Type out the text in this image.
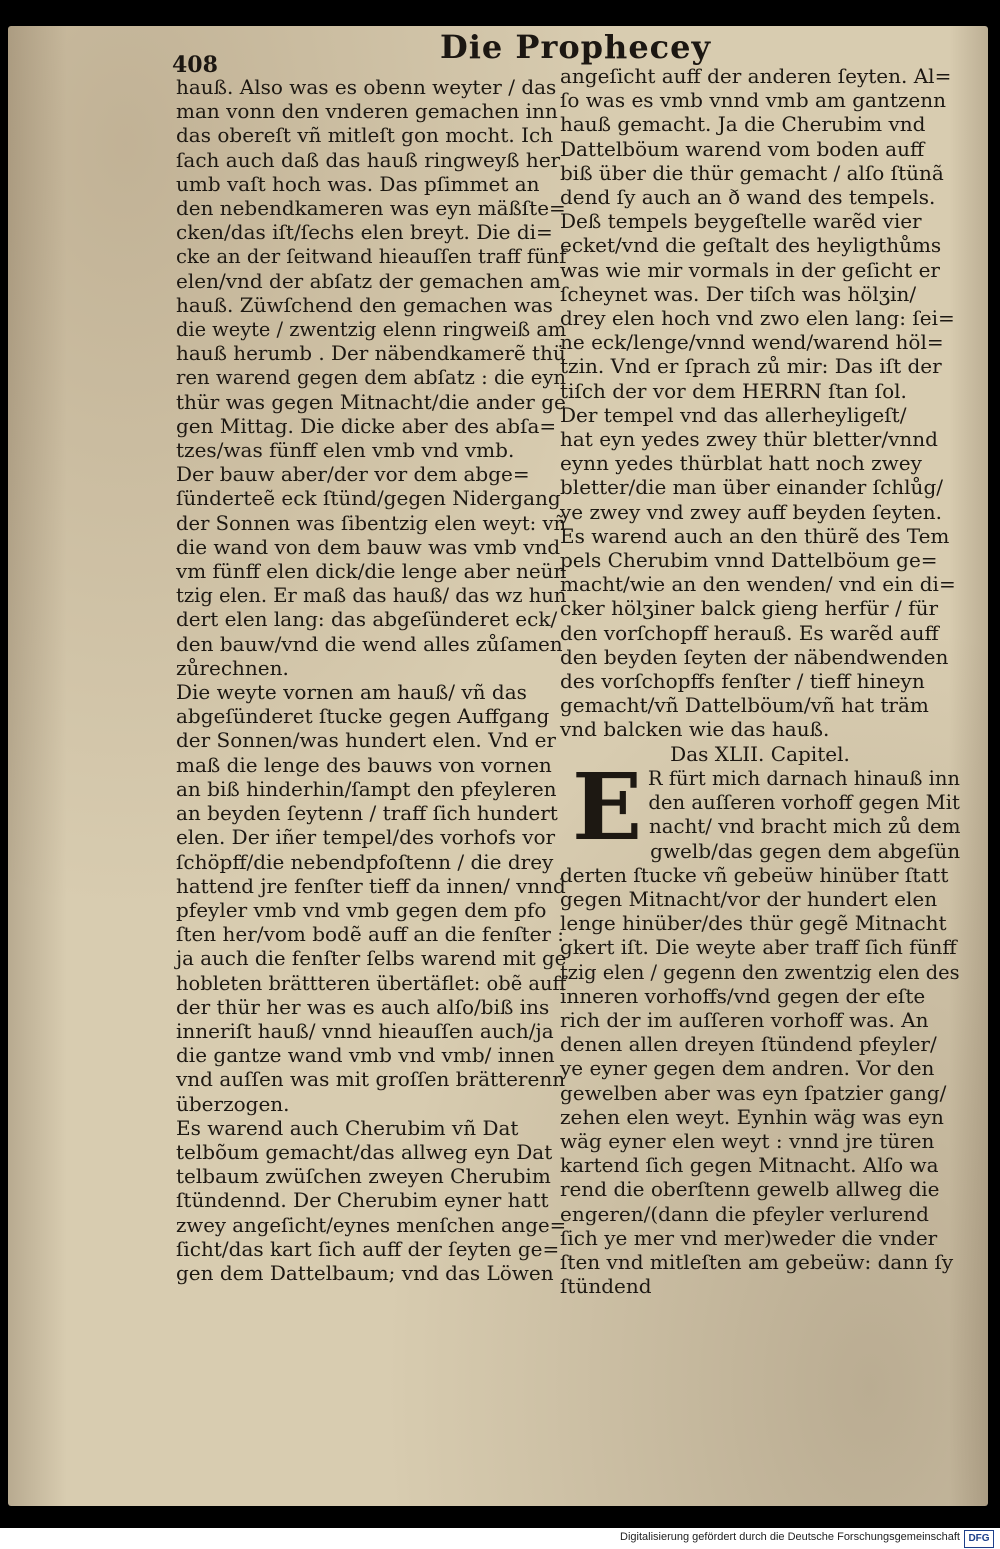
408	Die Prophecey
hauß. Also was es obenn weyter / das
man vonn den vnderen gemachen inn
das obereſt vñ mitleſt gon mocht. Ich
ſach auch daß das hauß ringweyß her
umb vaſt hoch was. Das pſimmet an
den nebendkameren was eyn mäßſte=
cken/das iſt/ſechs elen breyt. Die di=
cke an der ſeitwand hieauſſen traff fünf
elen/vnd der abſatz der gemachen am
hauß. Züwſchend den gemachen was
die weyte / zwentzig elenn ringweiß am
hauß herumb . Der näbendkamerẽ thü
ren warend gegen dem abſatz : die eyn
thür was gegen Mitnacht/die ander ge
gen Mittag. Die dicke aber des abſa=
tzes/was fünff elen vmb vnd vmb.
Der bauw aber/der vor dem abge=
ſünderteẽ eck ſtünd/gegen Nidergang
der Sonnen was ſibentzig elen weyt: vñ
die wand von dem bauw was vmb vnd
vm fünff elen dick/die lenge aber neün
tzig elen. Er maß das hauß/ das wz hun
dert elen lang: das abgeſünderet eck/
den bauw/vnd die wend alles zůſamen
zůrechnen.
Die weyte vornen am hauß/ vñ das
abgeſünderet ſtucke gegen Auffgang
der Sonnen/was hundert elen. Vnd er
maß die lenge des bauws von vornen
an biß hinderhin/ſampt den pfeyleren
an beyden ſeytenn / traff ſich hundert
elen. Der iñer tempel/des vorhofs vor
ſchöpff/die nebendpfoſtenn / die drey
hattend jre fenſter tieff da innen/ vnnd
pfeyler vmb vnd vmb gegen dem pfo
ſten her/vom bodẽ auff an die fenſter :
ja auch die fenſter ſelbs warend mit ge
hobleten brättteren übertäflet: obẽ auff
der thür her was es auch alſo/biß ins
inneriſt hauß/ vnnd hieauſſen auch/ja
die gantze wand vmb vnd vmb/ innen
vnd auſſen was mit groſſen brätterenn
überzogen.
Es warend auch Cherubim vñ Dat
telbõum gemacht/das allweg eyn Dat
telbaum zwüſchen zweyen Cherubim
ſtündennd. Der Cherubim eyner hatt
zwey angeſicht/eynes menſchen ange=
ſicht/das kart ſich auff der ſeyten ge=
gen dem Dattelbaum; vnd das Löwen
angeſicht auff der anderen ſeyten. Al=
ſo was es vmb vnnd vmb am gantzenn
hauß gemacht. Ja die Cherubim vnd
Dattelböum warend vom boden auff
biß über die thür gemacht / alſo ſtünã
dend ſy auch an ð wand des tempels.
Deß tempels beygeſtelle warẽd vier
ecket/vnd die geſtalt des heyligthůms
was wie mir vormals in der geſicht er
ſcheynet was. Der tiſch was hölʒin/
drey elen hoch vnd zwo elen lang: ſei=
ne eck/lenge/vnnd wend/warend höl=
tzin. Vnd er ſprach zů mir: Das iſt der
tiſch der vor dem HERRN ſtan ſol.
Der tempel vnd das allerheyligeſt/
hat eyn yedes zwey thür bletter/vnnd
eynn yedes thürblat hatt noch zwey
bletter/die man über einander ſchlůg/
ye zwey vnd zwey auff beyden ſeyten.
Es warend auch an den thürẽ des Tem
pels Cherubim vnnd Dattelböum ge=
macht/wie an den wenden/ vnd ein di=
cker hölʒiner balck gieng herfür / für
den vorſchopff herauß. Es warẽd auff
den beyden ſeyten der näbendwenden
des vorſchopffs fenſter / tieff hineyn
gemacht/vñ Dattelböum/vñ hat träm
vnd balcken wie das hauß.
Das XLII. Capitel.
E R fürt mich darnach hinauß inn
den auſſeren vorhoff gegen Mit
nacht/ vnd bracht mich zů dem
gwelb/das gegen dem abgeſün
derten ſtucke vñ gebeüw hinüber ſtatt
gegen Mitnacht/vor der hundert elen
lenge hinüber/des thür gegẽ Mitnacht
gkert iſt. Die weyte aber traff ſich fünff
tzig elen / gegenn den zwentzig elen des
inneren vorhoffs/vnd gegen der eſte
rich der im auſſeren vorhoff was. An
denen allen dreyen ſtündend pfeyler/
ye eyner gegen dem andren. Vor den
gewelben aber was eyn ſpatzier gang/
zehen elen weyt. Eynhin wäg was eyn
wäg eyner elen weyt : vnnd jre türen
kartend ſich gegen Mitnacht. Alſo wa
rend die oberſtenn gewelb allweg die
engeren/(dann die pfeyler verlurend
ſich ye mer vnd mer)weder die vnder
ſten vnd mitleſten am gebeüw: dann ſy
ſtündend
Digitalisierung gefördert durch die Deutsche Forschungsgemeinschaft DFG
